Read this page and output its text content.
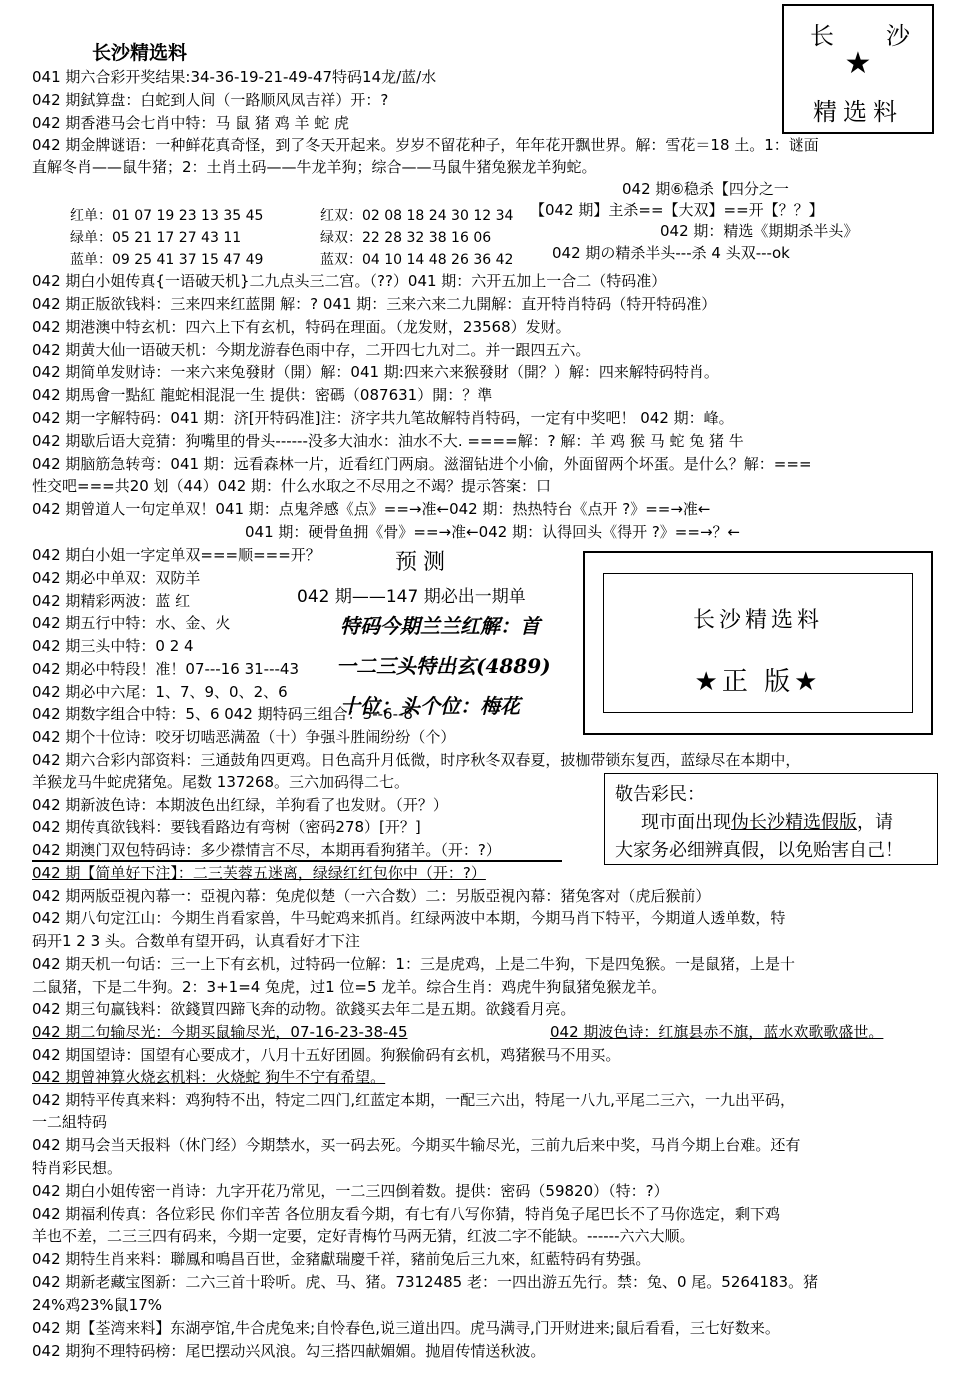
长 沙
★
精选料
长沙精选料
041 期六合彩开奖结果:34-36-19-21-49-47特码14龙/蓝/水
042 期鉽算盘：白蛇到人间（一路顺风凤吉祥）开：?
042 期香港马会七肖中特：马 鼠 猪 鸡 羊 蛇 虎
042 期金牌谜语：一种鲜花真奇怪，到了冬天开起来。岁岁不留花种子，年年花开飘世界。解：雪花＝18 土。1：谜面
直解冬肖——鼠牛猪；2：土肖土码——牛龙羊狗；综合——马鼠牛猪兔猴龙羊狗蛇。
红单：01 07 19 23 13 35 45
绿单：05 21 17 27 43 11
蓝单：09 25 41 37 15 47 49
红双：02 08 18 24 30 12 34
绿双：22 28 32 38 16 06
蓝双：04 10 14 48 26 36 42
042 期⑥稳杀【四分之一
【042 期】主杀==【大双】==开【？？】
042 期：精选《期期杀半头》
042 期の精杀半头---杀 4 头双---ok
042 期白小姐传真{一语破天机}二九点头三二宫。（??）041 期：六开五加上一合二（特码准）
042 期正版欲钱料：三来四来红蓝開 解：? 041 期：三来六来二九開解：直开特肖特码（特开特码准）
042 期港澳中特玄机：四六上下有玄机，特码在理面。（龙发财，23568）发财。
042 期黄大仙一语破天机：今期龙游春色雨中存，二开四七九对二。并一跟四五六。
042 期简单发财诗：一来六来兔發財（開）解：041 期:四来六来猴發財（開？）解：四来解特码特肖。
042 期馬會一點紅 龍蛇相混混一生 提供：密碼（087631）開：？準
042 期一字解特码：041 期：济[开特码准]注：济字共九笔故解特肖特码，一定有中奖吧！ 042 期：峰。
042 期歇后语大竞猜：狗嘴里的骨头------没多大油水：油水不大. ====解：? 解：羊 鸡 猴 马 蛇 兔 猪 牛
042 期脑筋急转弯：041 期：远看森林一片，近看红门两扇。滋溜钻进个小偷，外面留两个坏蛋。是什么？解：===
性交吧===共20 划（44）042 期：什么水取之不尽用之不竭？提示答案：口
042 期曾道人一句定单双！041 期：点鬼斧感《点》==→准←042 期：热热特台《点开 ?》==→准←
041 期：硬骨鱼拥《骨》==→准←042 期：认得回头《得开 ?》==→？←
042 期白小姐一字定单双===顺===开？
042 期必中单双：双防羊
042 期精彩两波：蓝 红
042 期五行中特：水、金、火
042 期三头中特：0 2 4
042 期必中特段！准！07---16 31---43
042 期必中六尾：1、7、9、0、2、6
042 期数字组合中特：5、6 042 期特码三组合：5--6--8
042 期个十位诗：咬牙切啮恶满盈（十）争强斗胜闹纷纷（个）
预测
042 期——147 期必出一期单
特码今期兰兰红解：首
一二三头特出玄(4889)
十位：头个位：梅花
长沙精选料
★正 版★
042 期六合彩内部资料：三通鼓角四更鸡。日色高升月低微，时序秋冬双春夏，披枷带锁东复西，蓝绿尽在本期中，
羊猴龙马牛蛇虎猪兔。尾数 137268。三六加码得二七。
042 期新波色诗：本期波色出红绿，羊狗看了也发财。（开？）
042 期传真欲钱料：要钱看路边有弯树（密码278）[开？]
042 期澳门双包特码诗：多少襟情言不尽，本期再看狗猪羊。（开：?）
敬告彩民：
现市面出现伪长沙精选假版，请
大家务必细辨真假，以免贻害自己！
042 期【简单好下注】：二三芙蓉五迷离，绿绿红红包你中（开：?）
042 期两版亞視內幕一：亞視內幕：兔虎似楚（一六合数）二：另版亞視內幕：猪兔客对（虎后猴前）
042 期八句定江山：今期生肖看家兽，牛马蛇鸡来抓肖。红绿两波中本期，今期马肖下特平，今期道人透单数，特
码开1 2 3 头。合数单有望开码，认真看好才下注
042 期天机一句话：三一上下有玄机，过特码一位解：1：三是虎鸡，上是二牛狗，下是四兔猴。一是鼠猪，上是十
二鼠猪，下是二牛狗。2：3+1=4 兔虎，过1 位=5 龙羊。综合生肖：鸡虎牛狗鼠猪兔猴龙羊。
042 期三句赢钱料：欲錢買四蹄飞奔的动物。欲錢买去年二是五期。欲錢看月亮。
042 期二句输尽光：今期买鼠输尽光，07-16-23-38-45	042 期波色诗：红旗县赤不旗，蓝水欢歌歌盛世。
042 期国望诗：国望有心要成才，八月十五好团圆。狗猴偷码有玄机，鸡猪猴马不用买。
042 期曾神算火烧玄机料：火烧蛇 狗牛不宁有希望。
042 期特平传真来料：鸡狗特不出，特定二四门,红蓝定本期，一配三六出，特尾一八九,平尾二三六，一九出平码，
一二組特码
042 期马会当天报料（休门经）今期禁水，买一码去死。今期买牛输尽光，三前九后来中奖，马肖今期上台难。还有
特肖彩民想。
042 期白小姐传密一肖诗：九字开花乃常见，一二三四倒着数。提供：密码（59820）（特：?）
042 期福利传真：各位彩民 你们辛苦 各位朋友看今期，有七有八写你猜，特肖兔子尾巴长不了马你选定，剩下鸡
羊也不差，二三三四有码来，今期一定要，定好青梅竹马两无猜，红波二字不能缺。------六六大顺。
042 期特生肖来料：聯鳳和鳴昌百世，金豬獻瑞慶千祥，豬前兔后三九來，紅藍特码有势强。
042 期新老藏宝图新：二六三首十聆听。虎、马、猪。7312485 老：一四出游五先行。禁：兔、0 尾。5264183。猪
24%鸡23%鼠17%
042 期【荃湾来料】东湖亭馆,牛合虎兔来;自怜春色,说三道出四。虎马满寻,门开财进来;鼠后看看，三七好数来。
042 期狗不理特码榜：尾巴摆动兴风浪。勾三搭四献媚媚。抛眉传情送秋波。
